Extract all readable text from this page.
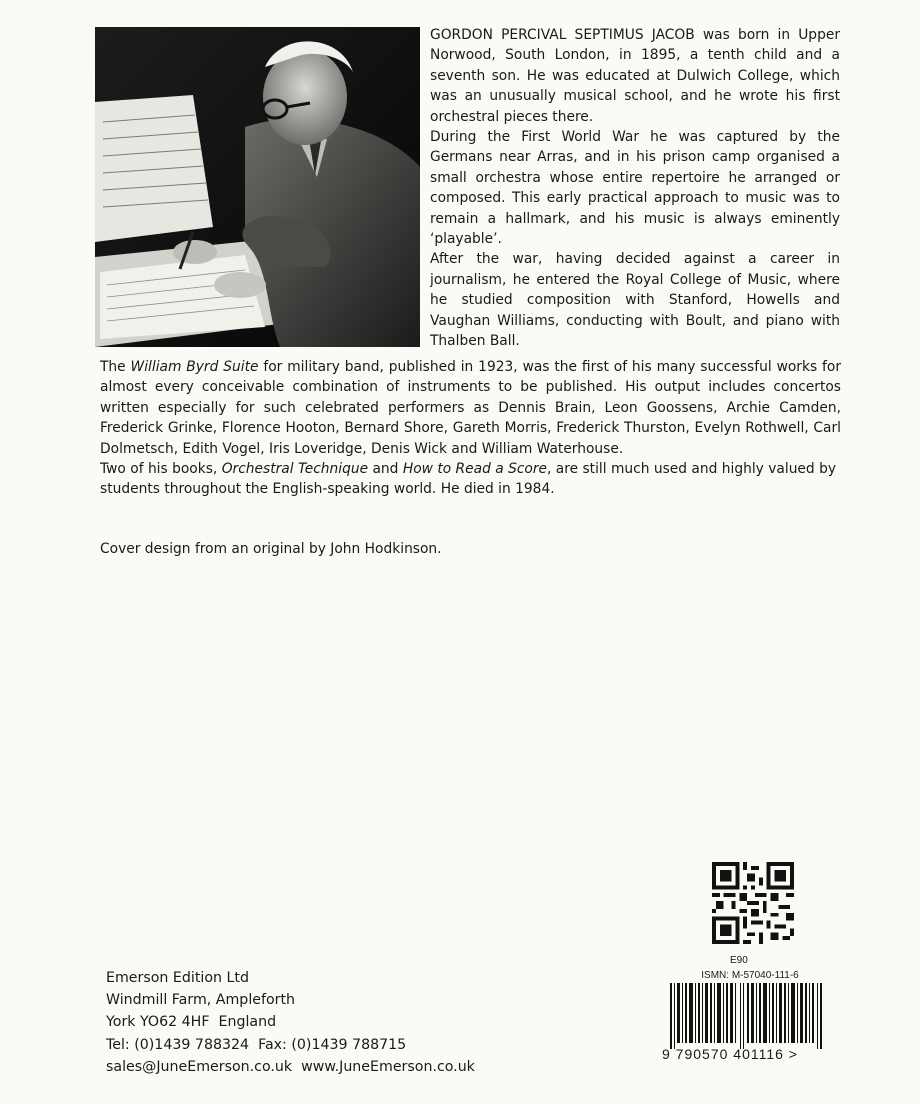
GORDON PERCIVAL SEPTIMUS JACOB was born in Upper Norwood, South London, in 1895, a tenth child and a seventh son. He was educated at Dulwich College, which was an unusually musical school, and he wrote his first orchestral pieces there.

During the First World War he was captured by the Germans near Arras, and in his prison camp organised a small orchestra whose entire repertoire he arranged or composed. This early practical approach to music was to remain a hallmark, and his music is always eminently ‘playable’.

After the war, having decided against a career in journalism, he entered the Royal College of Music, where he studied composition with Stanford, Howells and Vaughan Williams, conducting with Boult, and piano with Thalben Ball.

The William Byrd Suite for military band, published in 1923, was the first of his many successful works for almost every conceivable combination of instruments to be published. His output includes concertos written especially for such celebrated performers as Dennis Brain, Leon Goossens, Archie Camden, Frederick Grinke, Florence Hooton, Bernard Shore, Gareth Morris, Frederick Thurston, Evelyn Rothwell, Carl Dolmetsch, Edith Vogel, Iris Loveridge, Denis Wick and William Waterhouse.

Two of his books, Orchestral Technique and How to Read a Score, are still much used and highly valued by students throughout the English-speaking world. He died in 1984.

Cover design from an original by John Hodkinson.
E90
ISMN: M-57040-111-6
9 790570 401116 >
Emerson Edition Ltd
Windmill Farm, Ampleforth
York YO62 4HF  England
Tel: (0)1439 788324  Fax: (0)1439 788715
sales@JuneEmerson.co.uk  www.JuneEmerson.co.uk
